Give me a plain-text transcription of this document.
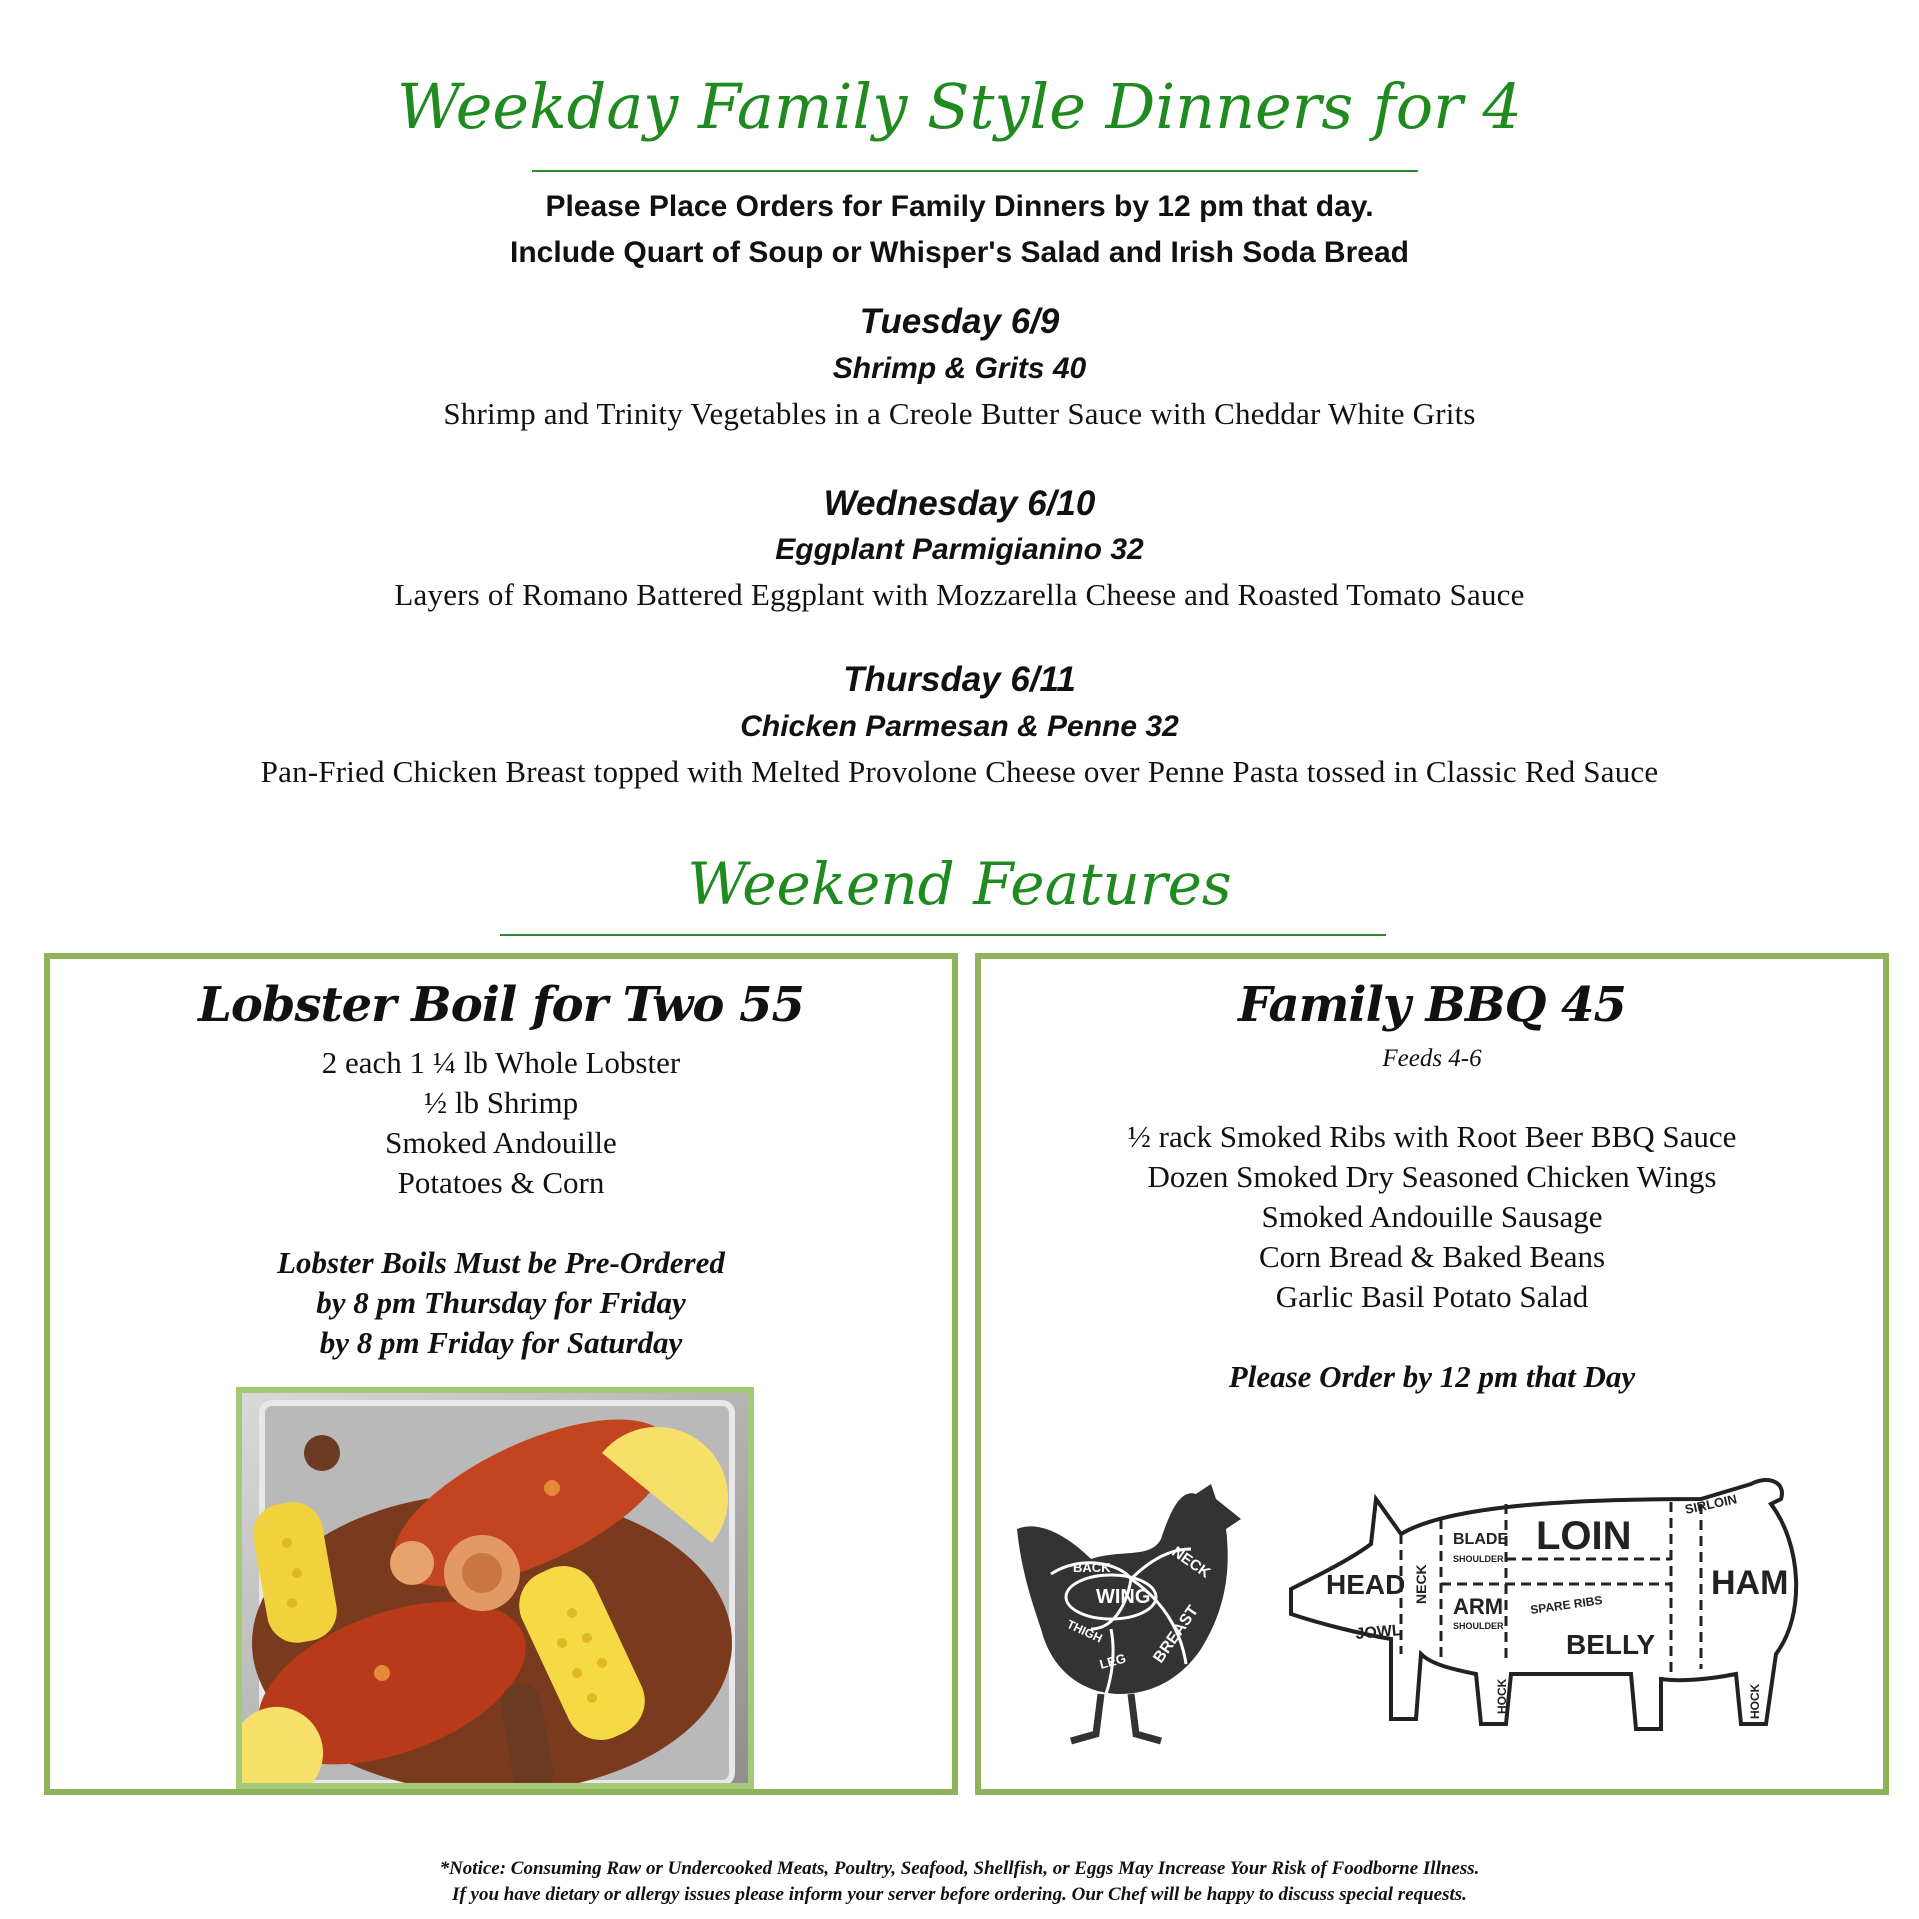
Weekday Family Style Dinners for 4
Please Place Orders for Family Dinners by 12 pm that day.
Include Quart of Soup or Whisper's Salad and Irish Soda Bread
Tuesday 6/9
Shrimp & Grits 40
Shrimp and Trinity Vegetables in a Creole Butter Sauce with Cheddar White Grits
Wednesday 6/10
Eggplant Parmigianino 32
Layers of Romano Battered Eggplant with Mozzarella Cheese and Roasted Tomato Sauce
Thursday 6/11
Chicken Parmesan & Penne 32
Pan-Fried Chicken Breast topped with Melted Provolone Cheese over Penne Pasta tossed in Classic Red Sauce
Weekend Features
Lobster Boil for Two 55
2 each 1 ¼ lb Whole Lobster
½ lb Shrimp
Smoked Andouille
Potatoes & Corn
Lobster Boils Must be Pre-Ordered
by 8 pm Thursday for Friday
by 8 pm Friday for Saturday
Family BBQ 45
Feeds 4-6
½ rack Smoked Ribs with Root Beer BBQ Sauce
Dozen Smoked Dry Seasoned Chicken Wings
Smoked Andouille Sausage
Corn Bread & Baked Beans
Garlic Basil Potato Salad
Please Order by 12 pm that Day
BACK
WING
NECK
THIGH	BREAST
LEG
HEAD NECK
BLADE
SHOULDER
LOIN
SIRLOIN
HAM
JOWL
ARM
SHOULDER
SPARE RIBS
BELLY
HOCK	HOCK
*Notice: Consuming Raw or Undercooked Meats, Poultry, Seafood, Shellfish, or Eggs May Increase Your Risk of Foodborne Illness.
If you have dietary or allergy issues please inform your server before ordering. Our Chef will be happy to discuss special requests.
